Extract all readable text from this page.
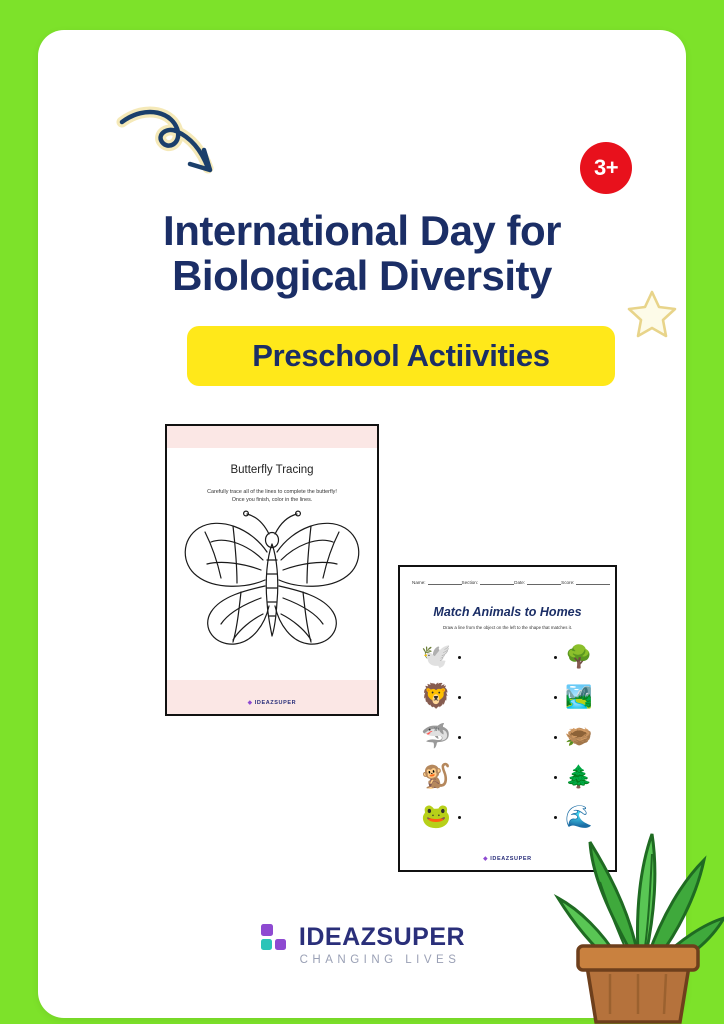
3+
International Day for
Biological Diversity
Preschool Actiivities
Butterfly Tracing
Carefully trace all of the lines to complete the butterfly!
Once you finish, color in the lines.
◆ IDEAZSUPER
Name:	Section:	Date:	Score:
Match Animals to Homes
Draw a line from the object on the left to the shape that matches it.
🕊️	🌳
🦁	🏞️
🦈	🪹
🐒	🌲
🐸	🌊
◆ IDEAZSUPER
IDEAZSUPER
CHANGING LIVES
